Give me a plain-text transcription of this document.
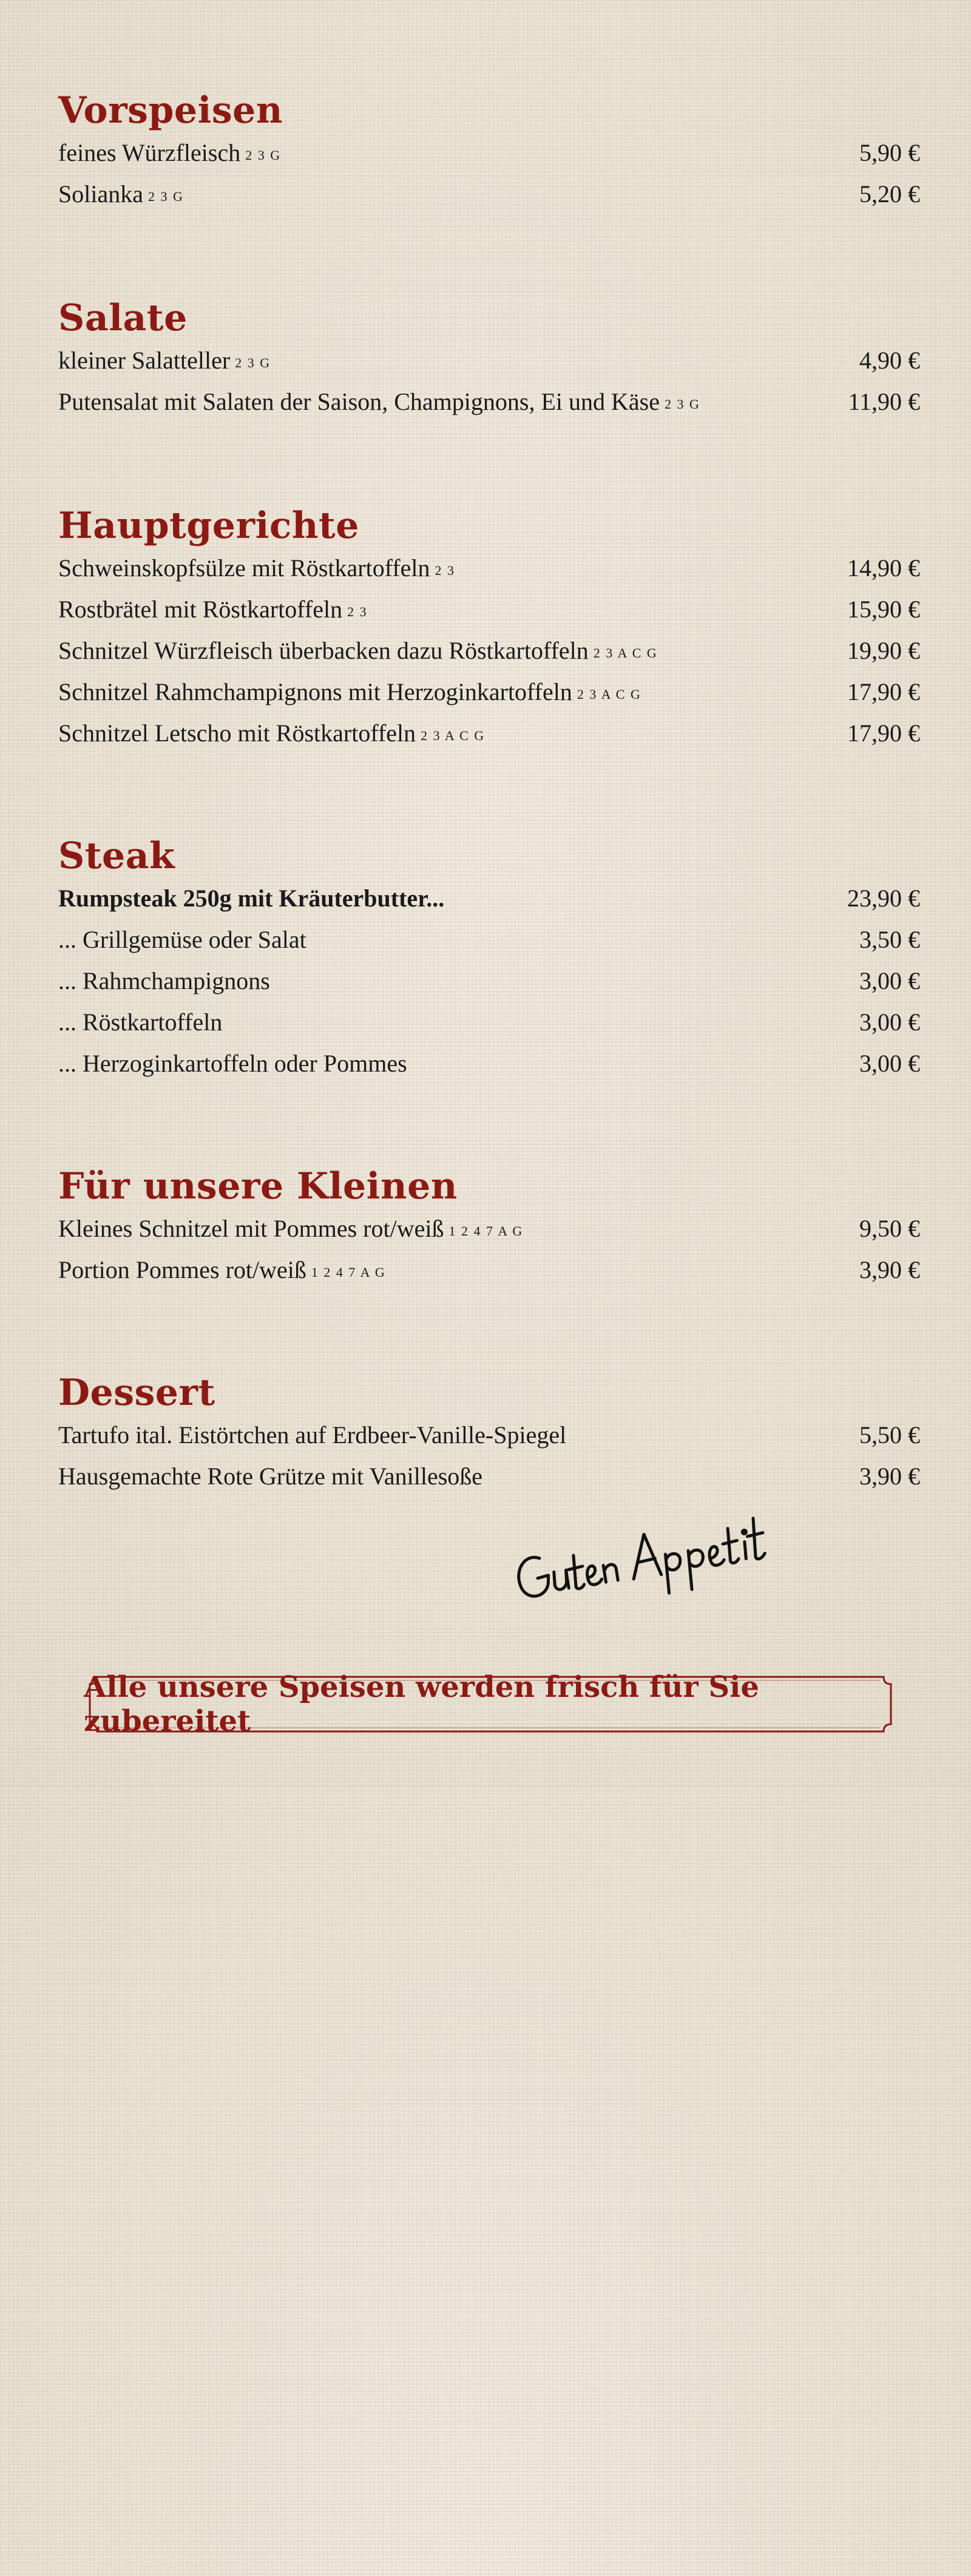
Vorspeisen
feines Würzfleisch $^{2 3 G}$	5,90 €
Solianka $^{2 3 G}$	5,20 €
Salate
kleiner Salatteller $^{2 3 G}$	4,90 €
Putensalat mit Salaten der Saison, Champignons, Ei und Käse $^{2 3 G}$	11,90 €
Hauptgerichte
Schweinskopfsülze mit Röstkartoffeln $^{2 3}$	14,90 €
Rostbrätel mit Röstkartoffeln $^{2 3}$	15,90 €
Schnitzel Würzfleisch überbacken dazu Röstkartoffeln $^{2 3 A C G}$	19,90 €
Schnitzel Rahmchampignons mit Herzoginkartoffeln $^{2 3 A C G}$	17,90 €
Schnitzel Letscho mit Röstkartoffeln $^{2 3 A C G}$	17,90 €
Steak
Rumpsteak 250g mit Kräuterbutter...	23,90 €
... Grillgemüse oder Salat	3,50 €
... Rahmchampignons	3,00 €
... Röstkartoffeln	3,00 €
... Herzoginkartoffeln oder Pommes	3,00 €
Für unsere Kleinen
Kleines Schnitzel mit Pommes rot/weiß $^{1 2 4 7 A G}$	9,50 €
Portion Pommes rot/weiß $^{1 2 4 7 A G}$	3,90 €
Dessert
Tartufo ital. Eistörtchen auf Erdbeer-Vanille-Spiegel	5,50 €
Hausgemachte Rote Grütze mit Vanillesoße	3,90 €
Alle unsere Speisen werden frisch für Sie zubereitet
